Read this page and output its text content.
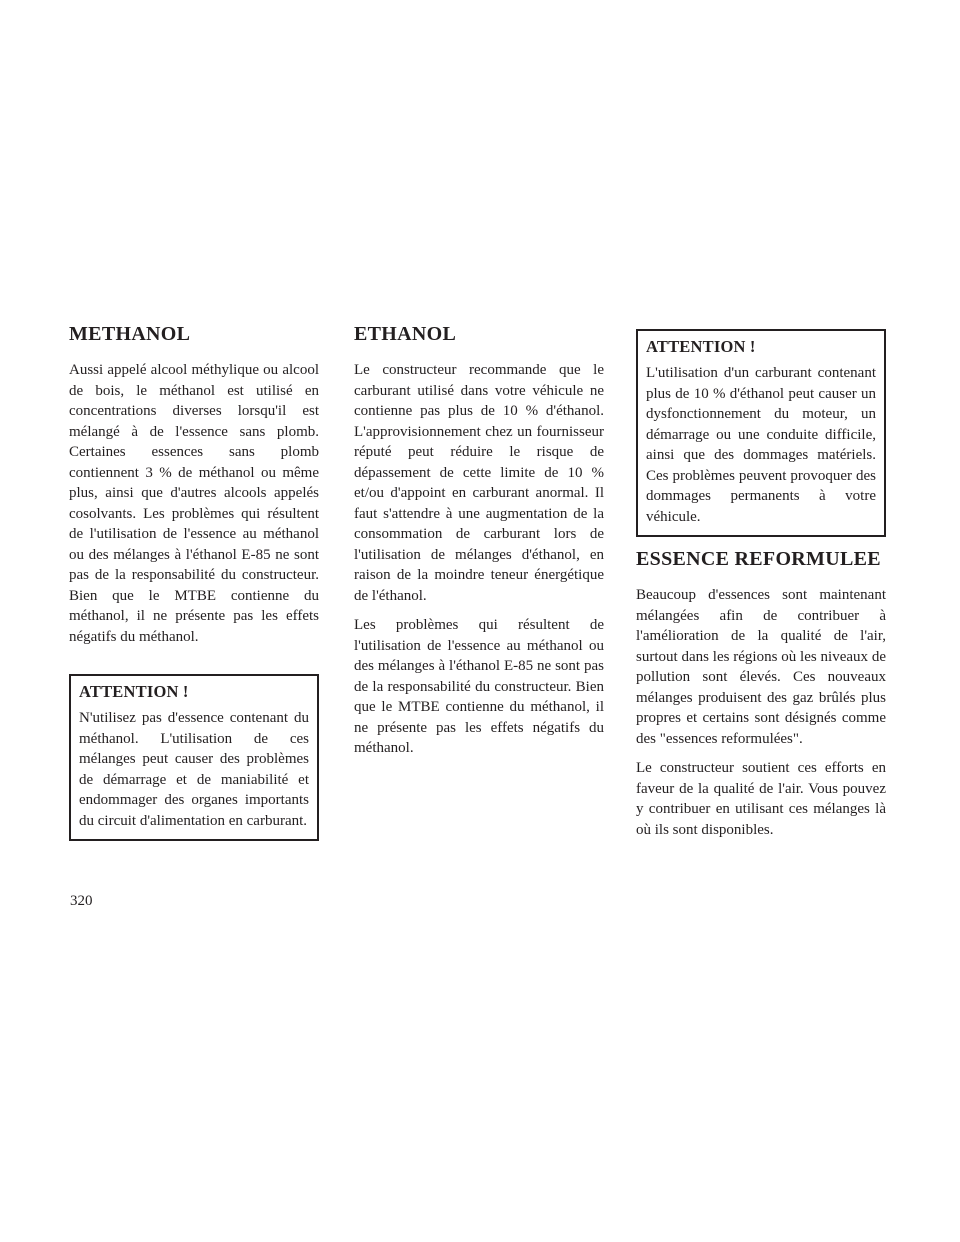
METHANOL

Aussi appelé alcool méthylique ou alcool de bois, le méthanol est utilisé en concentrations diverses lorsqu'il est mélangé à de l'essence sans plomb. Certaines essences sans plomb contiennent 3 % de méthanol ou même plus, ainsi que d'autres alcools appelés cosolvants. Les problèmes qui résultent de l'utilisation de l'essence au méthanol ou des mélanges à l'éthanol E-85 ne sont pas de la responsabilité du constructeur. Bien que le MTBE contienne du méthanol, il ne présente pas les effets négatifs du méthanol.

ATTENTION !

N'utilisez pas d'essence contenant du méthanol. L'utilisation de ces mélanges peut causer des problèmes de démarrage et de maniabilité et endommager des organes importants du circuit d'alimentation en carburant.

ETHANOL

Le constructeur recommande que le carburant utilisé dans votre véhicule ne contienne pas plus de 10 % d'éthanol. L'approvisionnement chez un fournisseur réputé peut réduire le risque de dépassement de cette limite de 10 % et/ou d'appoint en carburant anormal. Il faut s'attendre à une augmentation de la consommation de carburant lors de l'utilisation de mélanges d'éthanol, en raison de la moindre teneur énergétique de l'éthanol.

Les problèmes qui résultent de l'utilisation de l'essence au méthanol ou des mélanges à l'éthanol E-85 ne sont pas de la responsabilité du constructeur. Bien que le MTBE contienne du méthanol, il ne présente pas les effets négatifs du méthanol.

ATTENTION !

L'utilisation d'un carburant contenant plus de 10 % d'éthanol peut causer un dysfonctionnement du moteur, un démarrage ou une conduite difficile, ainsi que des dommages matériels. Ces problèmes peuvent provoquer des dommages permanents à votre véhicule.

ESSENCE REFORMULEE

Beaucoup d'essences sont maintenant mélangées afin de contribuer à l'amélioration de la qualité de l'air, surtout dans les régions où les niveaux de pollution sont élevés. Ces nouveaux mélanges produisent des gaz brûlés plus propres et certains sont désignés comme des "essences reformulées".

Le constructeur soutient ces efforts en faveur de la qualité de l'air. Vous pouvez y contribuer en utilisant ces mélanges là où ils sont disponibles.

320
